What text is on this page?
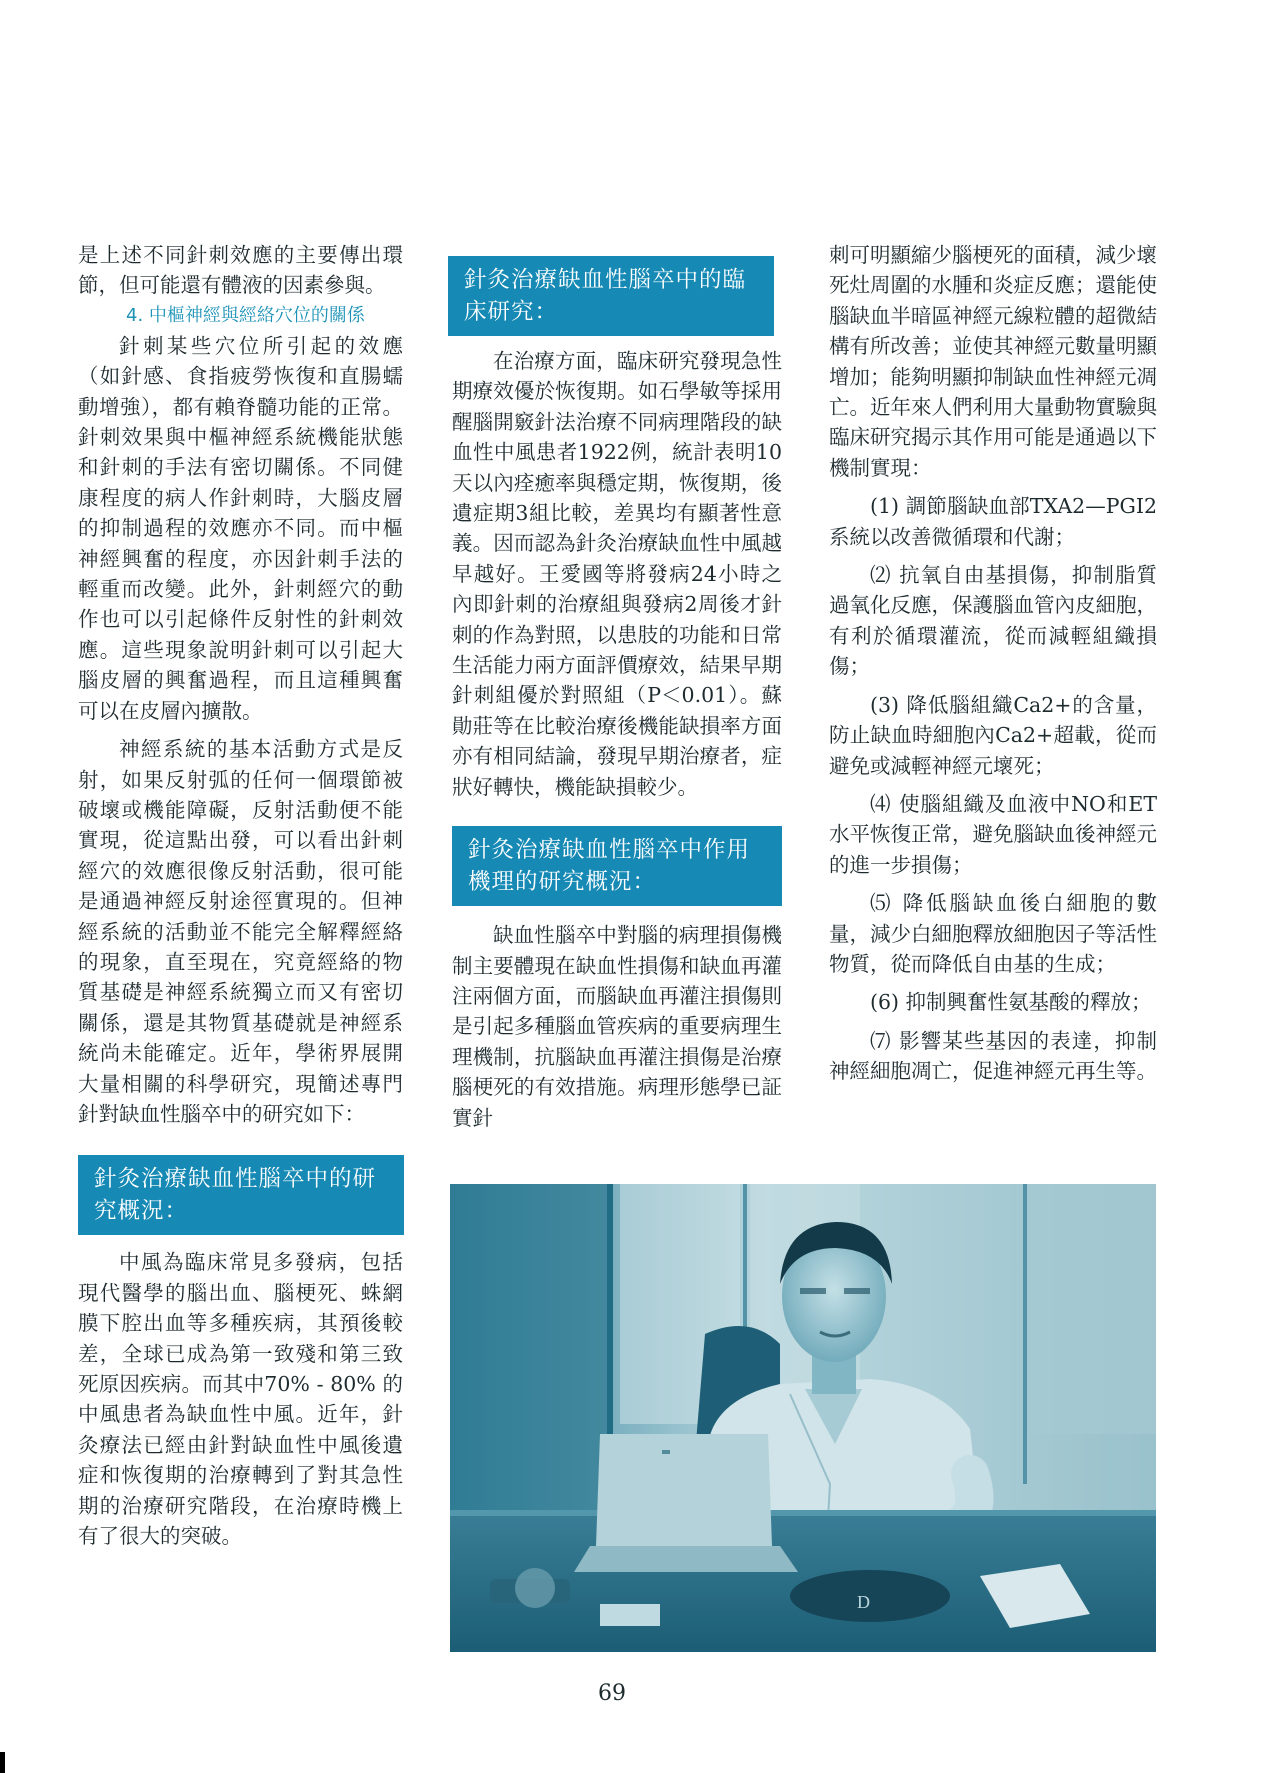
是上述不同針刺效應的主要傳出環節，但可能還有體液的因素參與。

4. 中樞神經與經絡穴位的關係

針刺某些穴位所引起的效應（如針感、食指疲勞恢復和直腸蠕動增強），都有賴脊髓功能的正常。針刺效果與中樞神經系統機能狀態和針刺的手法有密切關係。不同健康程度的病人作針刺時，大腦皮層的抑制過程的效應亦不同。而中樞神經興奮的程度，亦因針刺手法的輕重而改變。此外，針刺經穴的動作也可以引起條件反射性的針刺效應。這些現象說明針刺可以引起大腦皮層的興奮過程，而且這種興奮可以在皮層內擴散。

神經系統的基本活動方式是反射，如果反射弧的任何一個環節被破壞或機能障礙，反射活動便不能實現，從這點出發，可以看出針刺經穴的效應很像反射活動，很可能是通過神經反射途徑實現的。但神經系統的活動並不能完全解釋經絡的現象，直至現在，究竟經絡的物質基礎是神經系統獨立而又有密切關係，還是其物質基礎就是神經系統尚未能確定。近年，學術界展開大量相關的科學研究，現簡述專門針對缺血性腦卒中的研究如下：

針灸治療缺血性腦卒中的研究概況：

中風為臨床常見多發病，包括現代醫學的腦出血、腦梗死、蛛網膜下腔出血等多種疾病，其預後較差，全球已成為第一致殘和第三致死原因疾病。而其中70% - 80% 的中風患者為缺血性中風。近年，針灸療法已經由針對缺血性中風後遺症和恢復期的治療轉到了對其急性期的治療研究階段，在治療時機上有了很大的突破。

針灸治療缺血性腦卒中的臨床研究：

在治療方面，臨床研究發現急性期療效優於恢復期。如石學敏等採用醒腦開竅針法治療不同病理階段的缺血性中風患者1922例，統計表明10天以內痊癒率與穩定期，恢復期，後遺症期3組比較，差異均有顯著性意義。因而認為針灸治療缺血性中風越早越好。王愛國等將發病24小時之內即針刺的治療組與發病2周後才針刺的作為對照，以患肢的功能和日常生活能力兩方面評價療效，結果早期針刺組優於對照組（P＜0.01）。蘇勛莊等在比較治療後機能缺損率方面亦有相同結論，發現早期治療者，症狀好轉快，機能缺損較少。

針灸治療缺血性腦卒中作用機理的研究概況：

缺血性腦卒中對腦的病理損傷機制主要體現在缺血性損傷和缺血再灌注兩個方面，而腦缺血再灌注損傷則是引起多種腦血管疾病的重要病理生理機制，抗腦缺血再灌注損傷是治療腦梗死的有效措施。病理形態學已証實針

刺可明顯縮少腦梗死的面積，減少壞死灶周圍的水腫和炎症反應；還能使腦缺血半暗區神經元線粒體的超微結構有所改善；並使其神經元數量明顯增加；能夠明顯抑制缺血性神經元凋亡。近年來人們利用大量動物實驗與臨床研究揭示其作用可能是通過以下機制實現：

(1) 調節腦缺血部TXA2—PGI2系統以改善微循環和代謝；

⑵ 抗氧自由基損傷，抑制脂質過氧化反應，保護腦血管內皮細胞，有利於循環灌流，從而減輕組織損傷；

(3) 降低腦組織Ca2+的含量，防止缺血時細胞內Ca2+超載，從而避免或減輕神經元壞死；

⑷ 使腦組織及血液中NO和ET水平恢復正常，避免腦缺血後神經元的進一步損傷；

⑸ 降低腦缺血後白細胞的數量，減少白細胞釋放細胞因子等活性物質，從而降低自由基的生成；

(6) 抑制興奮性氨基酸的釋放；

⑺ 影響某些基因的表達，抑制神經細胞凋亡，促進神經元再生等。

D
69
